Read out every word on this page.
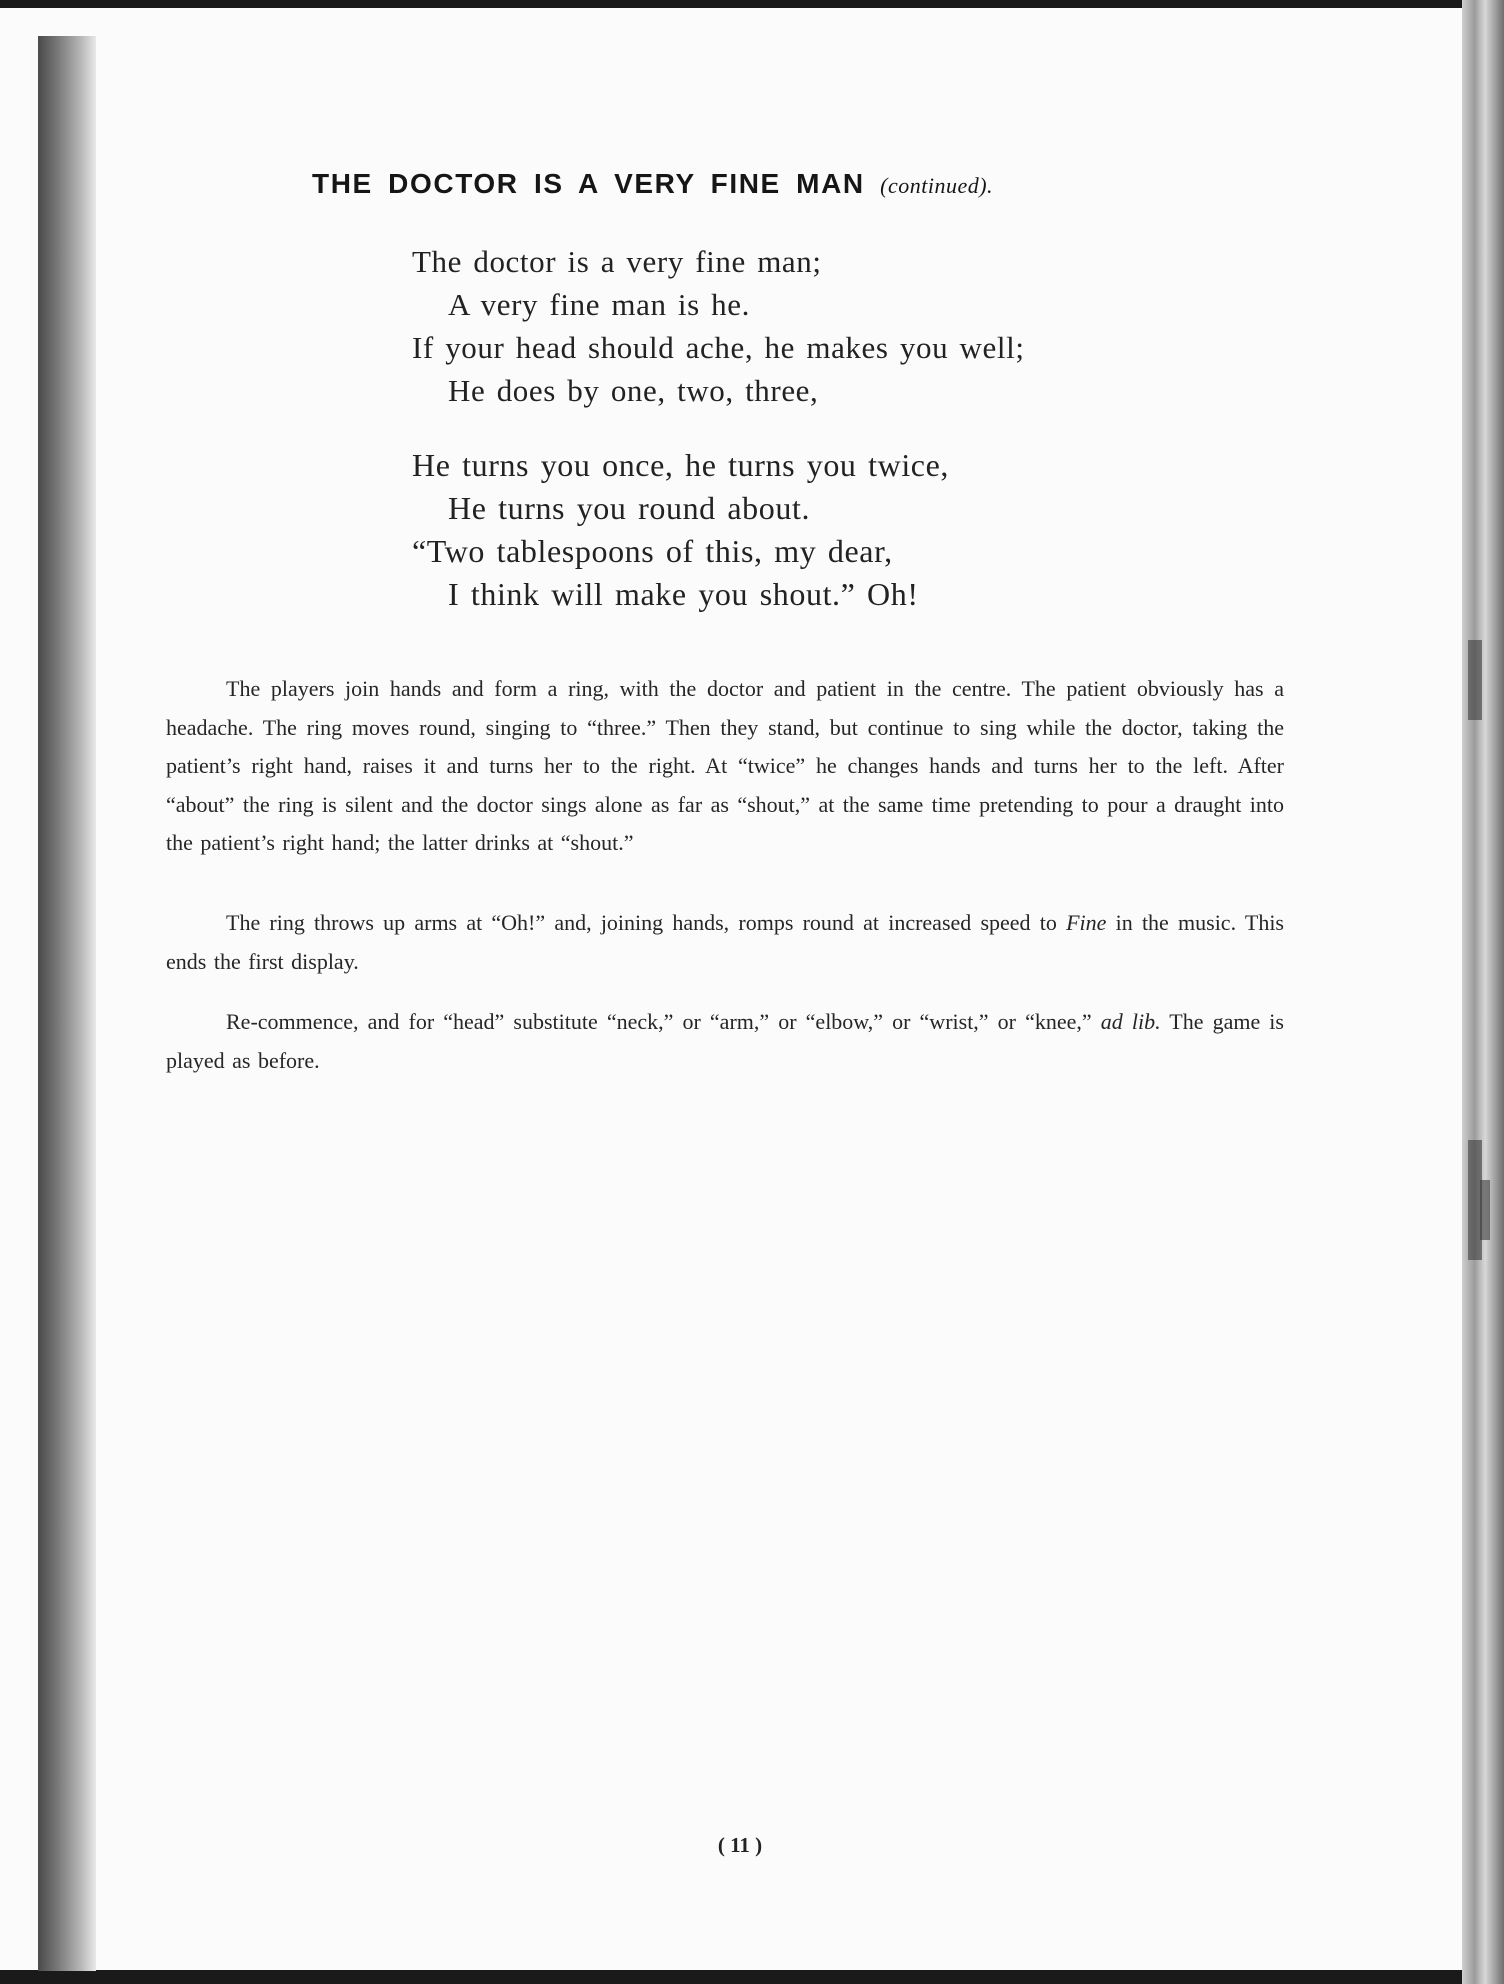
THE DOCTOR IS A VERY FINE MAN (continued).
The doctor is a very fine man;
A very fine man is he.
If your head should ache, he makes you well;
He does by one, two, three,
He turns you once, he turns you twice,
He turns you round about.
“Two tablespoons of this, my dear,
I think will make you shout.” Oh!

The players join hands and form a ring, with the doctor and patient in the centre. The patient obviously has a headache. The ring moves round, singing to “three.” Then they stand, but continue to sing while the doctor, taking the patient’s right hand, raises it and turns her to the right. At “twice” he changes hands and turns her to the left. After “about” the ring is silent and the doctor sings alone as far as “shout,” at the same time pretending to pour a draught into the patient’s right hand; the latter drinks at “shout.”

The ring throws up arms at “Oh!” and, joining hands, romps round at increased speed to Fine in the music. This ends the first display.

Re-commence, and for “head” substitute “neck,” or “arm,” or “elbow,” or “wrist,” or “knee,” ad lib. The game is played as before.

( 11 )
